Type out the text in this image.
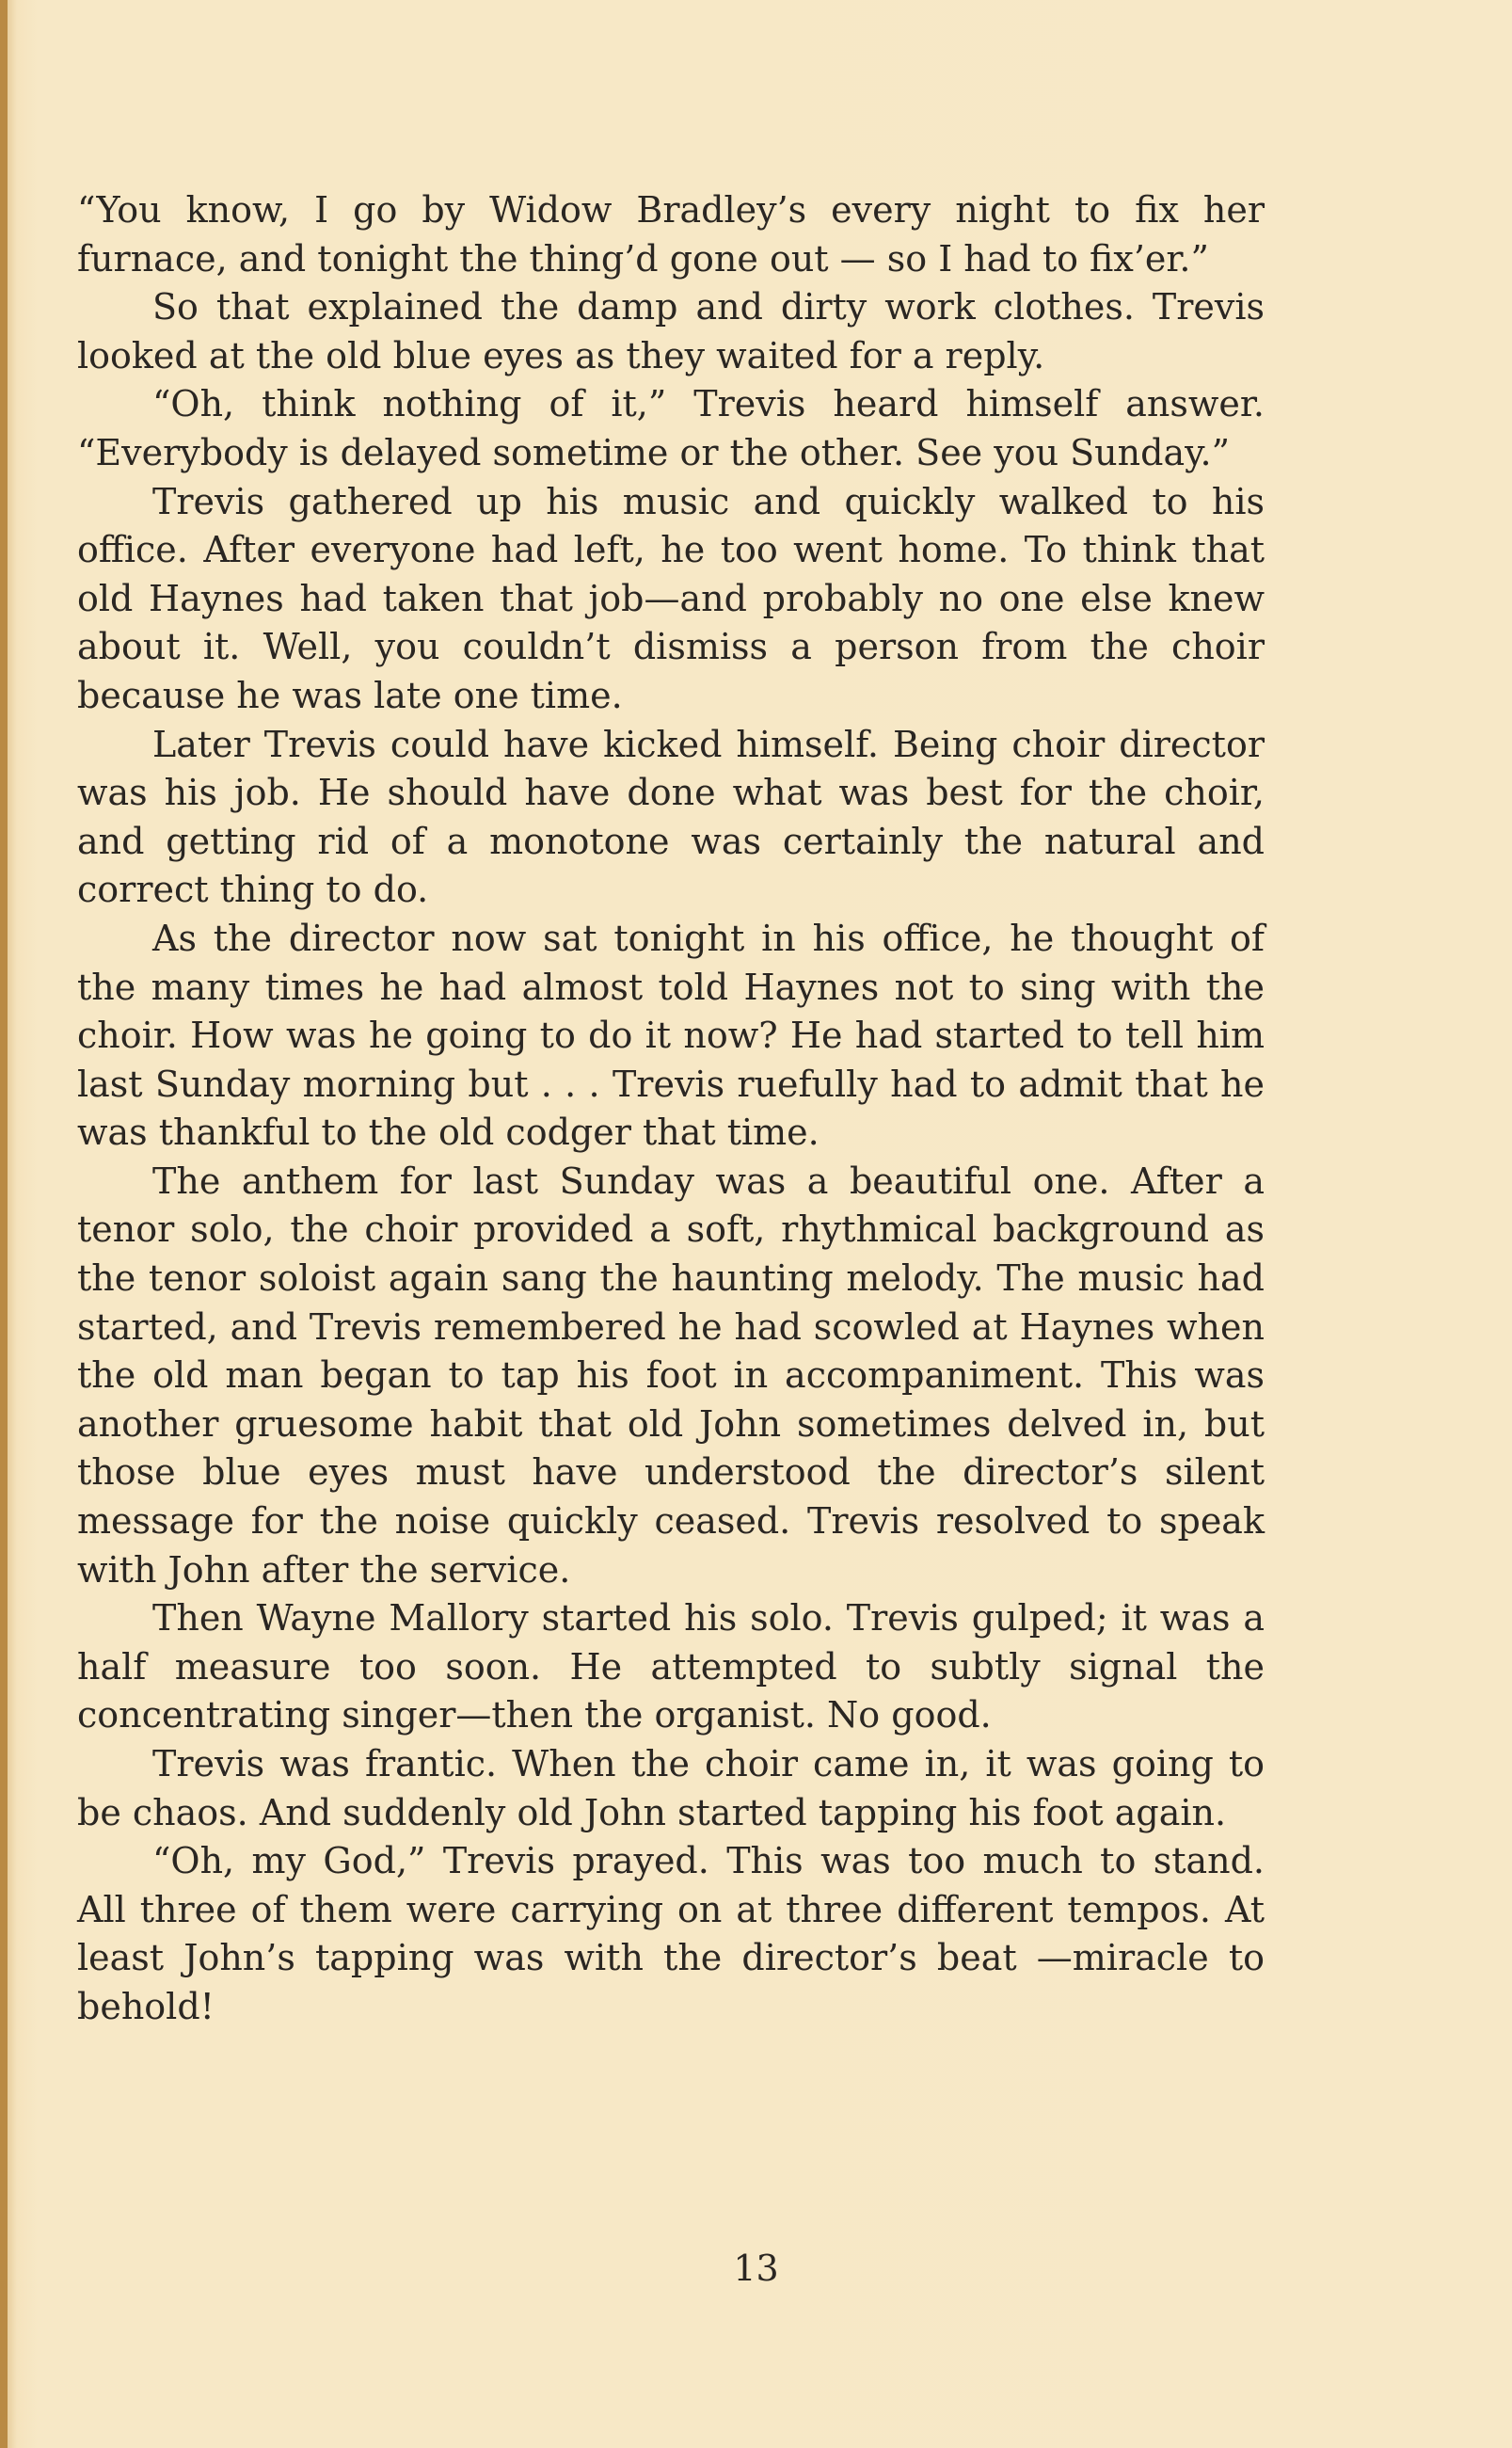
“You know, I go by Widow Bradley’s every night to fix her furnace, and tonight the thing’d gone out — so I had to fix’er.”

So that explained the damp and dirty work clothes. Trevis looked at the old blue eyes as they waited for a reply.

“Oh, think nothing of it,” Trevis heard himself answer. “Everybody is delayed sometime or the other. See you Sunday.”

Trevis gathered up his music and quickly walked to his office. After everyone had left, he too went home. To think that old Haynes had taken that job—and probably no one else knew about it. Well, you couldn’t dismiss a person from the choir because he was late one time.

Later Trevis could have kicked himself. Being choir director was his job. He should have done what was best for the choir, and getting rid of a monotone was certainly the natural and correct thing to do.

As the director now sat tonight in his office, he thought of the many times he had almost told Haynes not to sing with the choir. How was he going to do it now? He had started to tell him last Sunday morning but . . . Trevis ruefully had to admit that he was thankful to the old codger that time.

The anthem for last Sunday was a beautiful one. After a tenor solo, the choir provided a soft, rhythmical background as the tenor soloist again sang the haunting melody. The music had started, and Trevis remembered he had scowled at Haynes when the old man began to tap his foot in accompaniment. This was another gruesome habit that old John sometimes delved in, but those blue eyes must have understood the director’s silent message for the noise quickly ceased. Trevis resolved to speak with John after the service.

Then Wayne Mallory started his solo. Trevis gulped; it was a half measure too soon. He attempted to subtly signal the concentrating singer—then the organist. No good.

Trevis was frantic. When the choir came in, it was going to be chaos. And suddenly old John started tapping his foot again.

“Oh, my God,” Trevis prayed. This was too much to stand. All three of them were carrying on at three different tempos. At least John’s tapping was with the director’s beat —miracle to behold!

13
